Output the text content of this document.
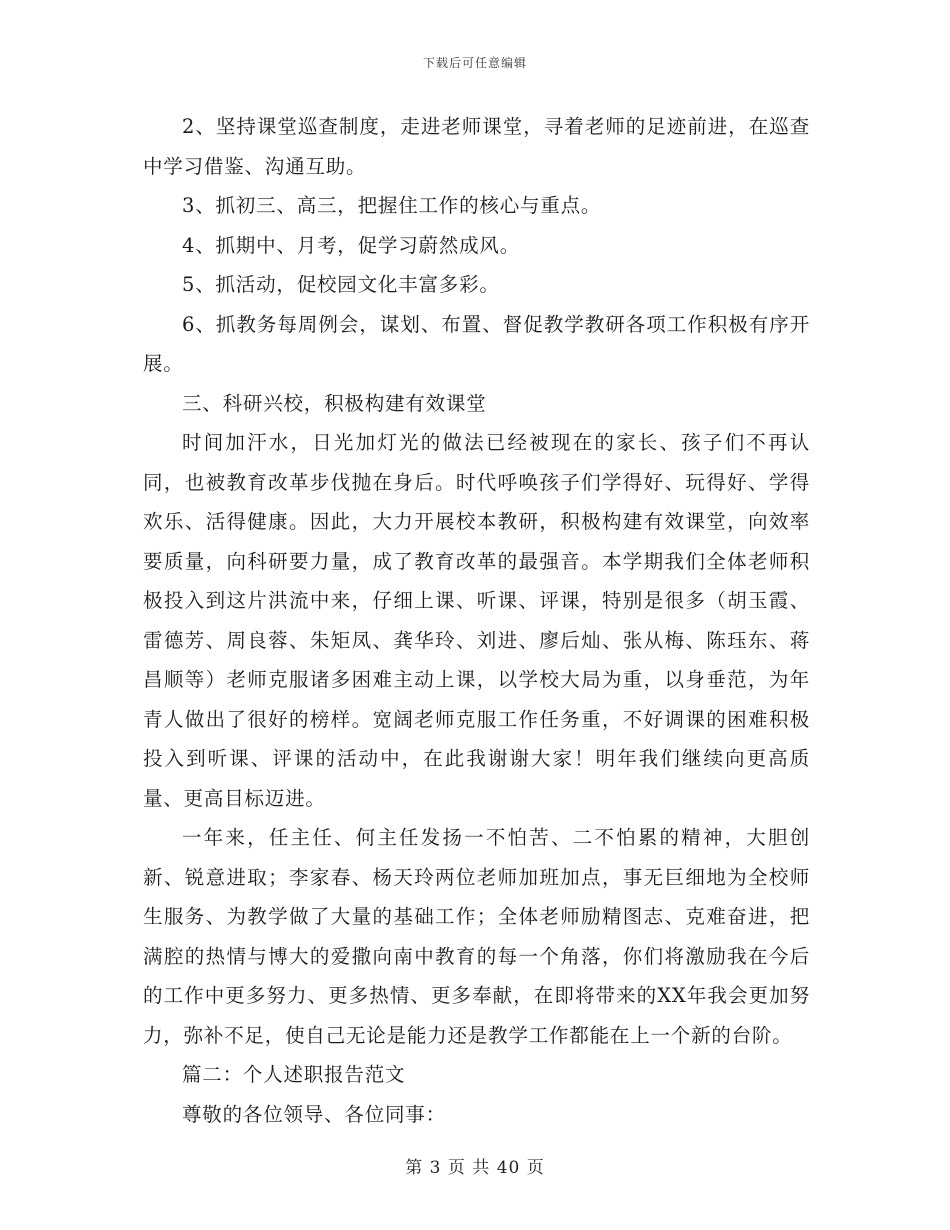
下载后可任意编辑

2、坚持课堂巡查制度，走进老师课堂，寻着老师的足迹前进，在巡查中学习借鉴、沟通互助。

3、抓初三、高三，把握住工作的核心与重点。

4、抓期中、月考，促学习蔚然成风。

5、抓活动，促校园文化丰富多彩。

6、抓教务每周例会，谋划、布置、督促教学教研各项工作积极有序开展。

三、科研兴校，积极构建有效课堂

时间加汗水，日光加灯光的做法已经被现在的家长、孩子们不再认同，也被教育改革步伐抛在身后。时代呼唤孩子们学得好、玩得好、学得欢乐、活得健康。因此，大力开展校本教研，积极构建有效课堂，向效率要质量，向科研要力量，成了教育改革的最强音。本学期我们全体老师积极投入到这片洪流中来，仔细上课、听课、评课，特别是很多（胡玉霞、雷德芳、周良蓉、朱矩凤、龚华玲、刘进、廖后灿、张从梅、陈珏东、蒋昌顺等）老师克服诸多困难主动上课，以学校大局为重，以身垂范，为年青人做出了很好的榜样。宽阔老师克服工作任务重，不好调课的困难积极投入到听课、评课的活动中，在此我谢谢大家！明年我们继续向更高质量、更高目标迈进。

一年来，任主任、何主任发扬一不怕苦、二不怕累的精神，大胆创新、锐意进取；李家春、杨天玲两位老师加班加点，事无巨细地为全校师生服务、为教学做了大量的基础工作；全体老师励精图志、克难奋进，把满腔的热情与博大的爱撒向南中教育的每一个角落，你们将激励我在今后的工作中更多努力、更多热情、更多奉献，在即将带来的XX年我会更加努力，弥补不足，使自己无论是能力还是教学工作都能在上一个新的台阶。

篇二：个人述职报告范文

尊敬的各位领导、各位同事：

第 3 页 共 40 页
